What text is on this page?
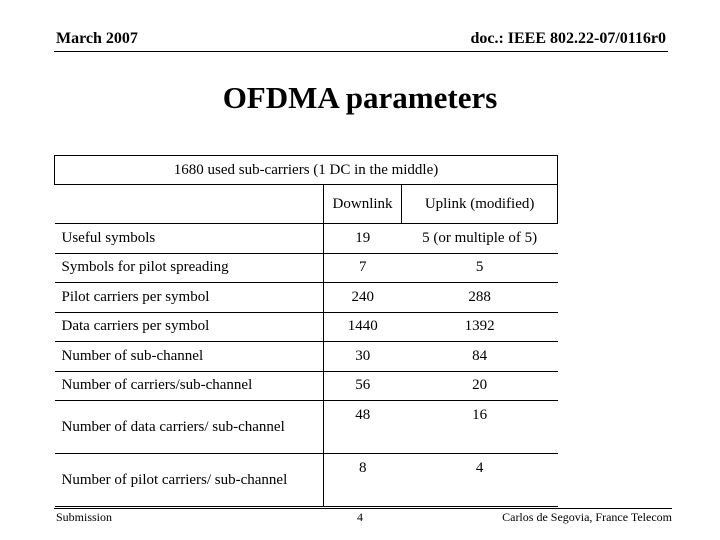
March 2007	doc.: IEEE 802.22-07/0116r0
OFDMA parameters
1680 used sub-carriers (1 DC in the middle)		
	Downlink	Uplink (modified)
Useful symbols	19	5 (or multiple of 5)
Symbols for pilot spreading	7	5
Pilot carriers per symbol	240	288
Data carriers per symbol	1440	1392
Number of sub-channel	30	84
Number of carriers/sub-channel	56	20
Number of data carriers/ sub-channel	48	16
Number of pilot carriers/ sub-channel	8	4
Submission	4	Carlos de Segovia, France Telecom
